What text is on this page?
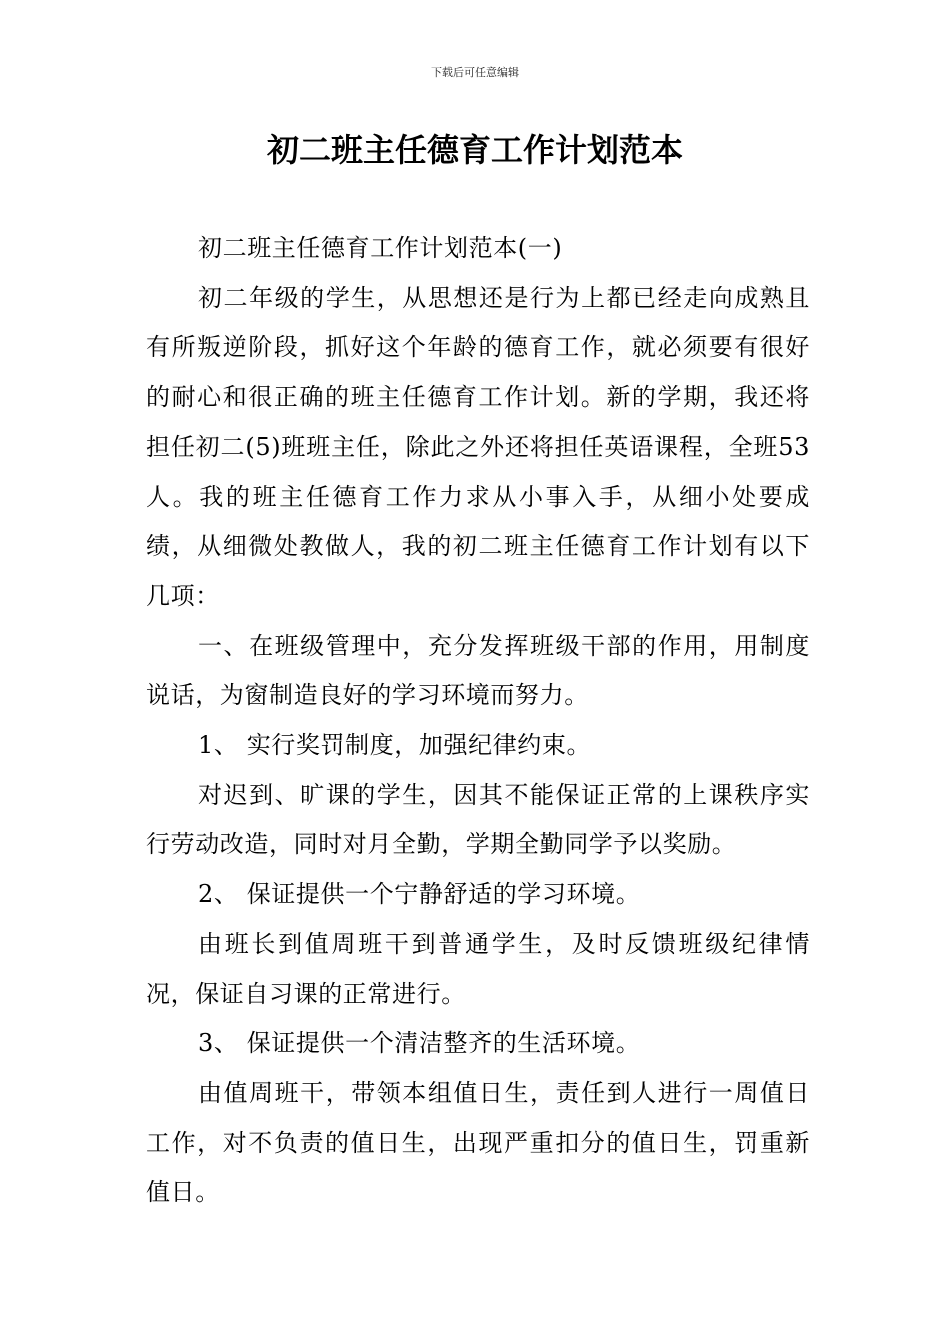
下载后可任意编辑
初二班主任德育工作计划范本

初二班主任德育工作计划范本(一)

初二年级的学生，从思想还是行为上都已经走向成熟且有所叛逆阶段，抓好这个年龄的德育工作，就必须要有很好的耐心和很正确的班主任德育工作计划。新的学期，我还将担任初二(5)班班主任，除此之外还将担任英语课程，全班53人。我的班主任德育工作力求从小事入手，从细小处要成绩，从细微处教做人，我的初二班主任德育工作计划有以下几项：

一、在班级管理中，充分发挥班级干部的作用，用制度说话，为窗制造良好的学习环境而努力。

1、 实行奖罚制度，加强纪律约束。

对迟到、旷课的学生，因其不能保证正常的上课秩序实行劳动改造，同时对月全勤，学期全勤同学予以奖励。

2、 保证提供一个宁静舒适的学习环境。

由班长到值周班干到普通学生，及时反馈班级纪律情况，保证自习课的正常进行。

3、 保证提供一个清洁整齐的生活环境。

由值周班干，带领本组值日生，责任到人进行一周值日工作，对不负责的值日生，出现严重扣分的值日生，罚重新值日。
